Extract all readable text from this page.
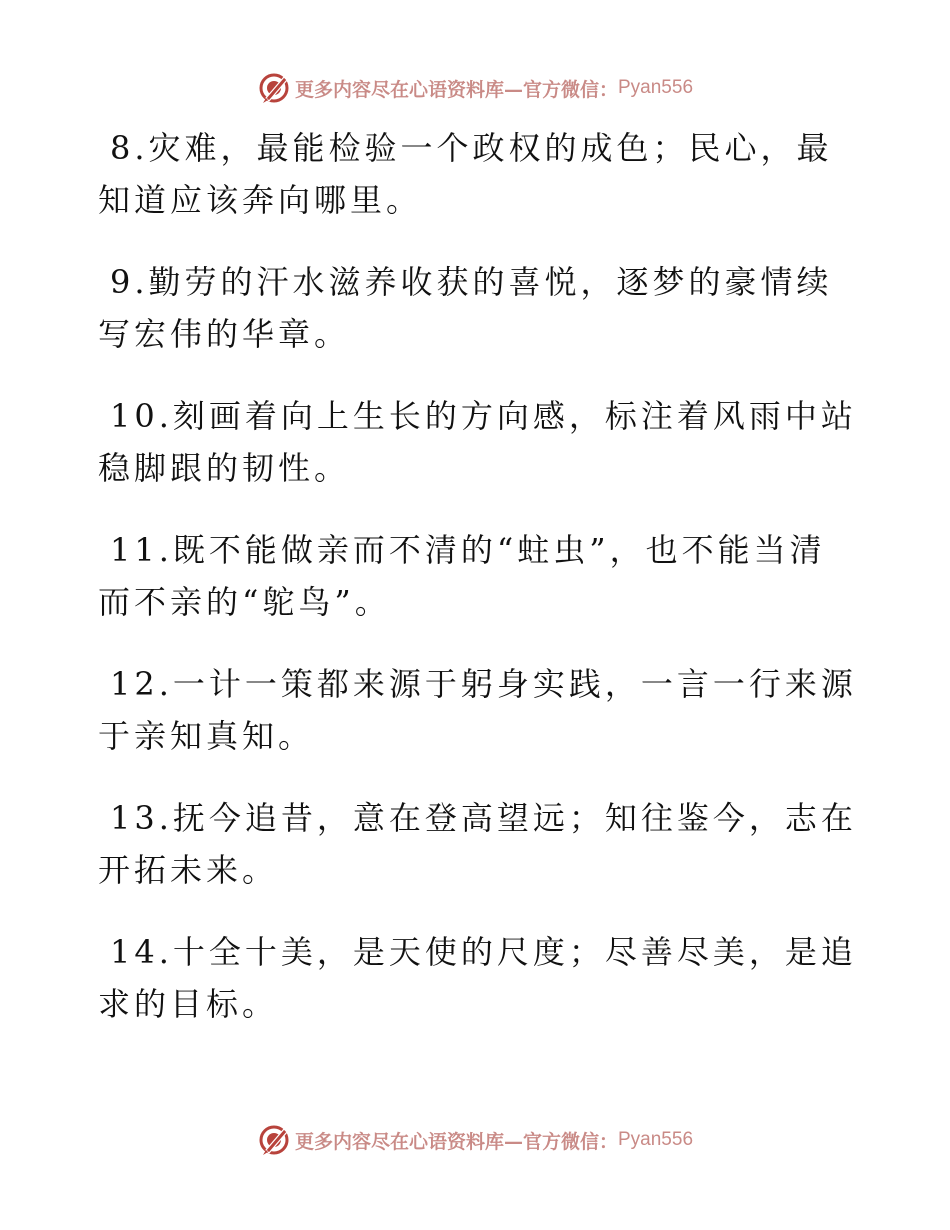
更多内容尽在心语资料库—官方微信： Pyan556

8.灾难，最能检验一个政权的成色；民心，最知道应该奔向哪里。

9.勤劳的汗水滋养收获的喜悦，逐梦的豪情续写宏伟的华章。

10.刻画着向上生长的方向感，标注着风雨中站稳脚跟的韧性。

11.既不能做亲而不清的“蛀虫”，也不能当清而不亲的“鸵鸟”。

12.一计一策都来源于躬身实践，一言一行来源于亲知真知。

13.抚今追昔，意在登高望远；知往鉴今，志在开拓未来。

14.十全十美，是天使的尺度；尽善尽美，是追求的目标。

更多内容尽在心语资料库—官方微信： Pyan556
